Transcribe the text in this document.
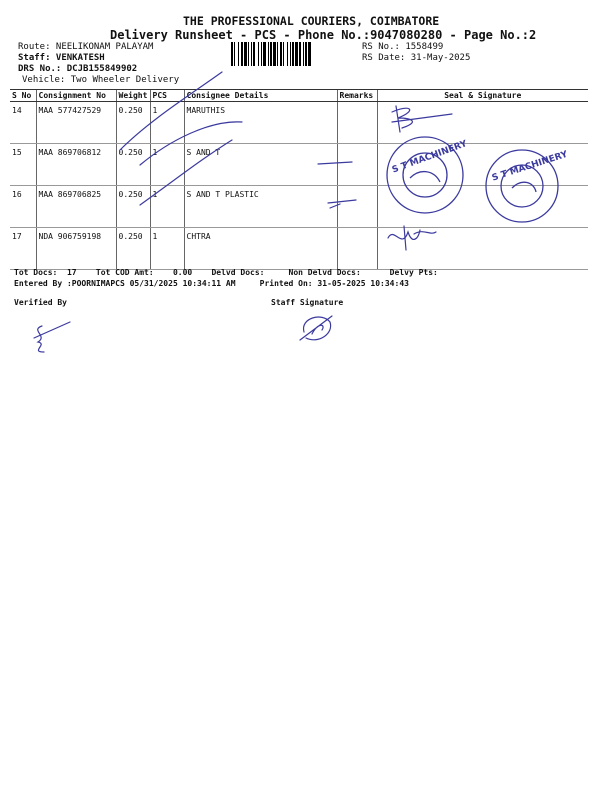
THE PROFESSIONAL COURIERS, COIMBATORE
Delivery Runsheet - PCS - Phone No.:9047080280 - Page No.:2
Route: NEELIKONAM PALAYAM
Staff: VENKATESH
DRS No.: DCJB155849902
Vehicle: Two Wheeler Delivery
RS No.: 1558499
RS Date: 31-May-2025
S No	Consignment No	Weight	PCS	Consignee Details	Remarks	Seal & Signature
14	MAA 577427529	0.250	1	MARUTHIS		
15	MAA 869706812	0.250	1	S AND T		
16	MAA 869706825	0.250	1	S AND T PLASTIC		
17	NDA 906759198	0.250	1	CHTRA		
Tot Docs:  17    Tot COD Amt:    0.00    Delvd Docs:     Non Delvd Docs:      Delvy Pts:
Entered By :POORNIMAPCS 05/31/2025 10:34:11 AM     Printed On: 31-05-2025 10:34:43
Verified By	Staff Signature
S T MACHINERY S T MACHINERY
